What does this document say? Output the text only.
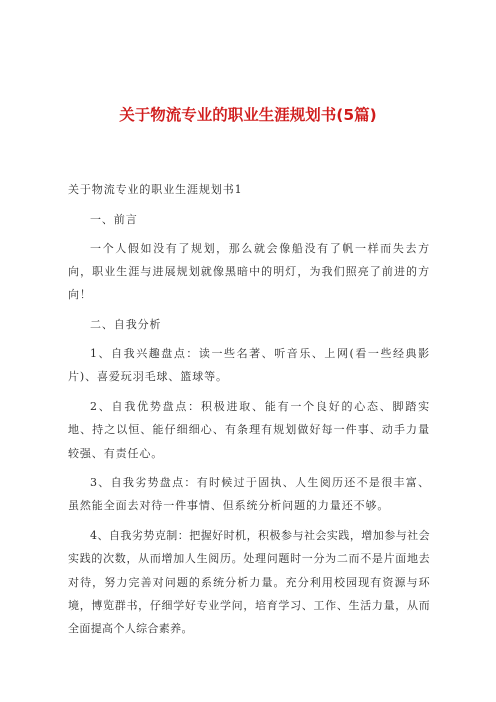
关于物流专业的职业生涯规划书(5篇)

关于物流专业的职业生涯规划书1

一、前言

一个人假如没有了规划，那么就会像船没有了帆一样而失去方向，职业生涯与进展规划就像黑暗中的明灯，为我们照亮了前进的方向！

二、自我分析

1、自我兴趣盘点：读一些名著、听音乐、上网(看一些经典影片)、喜爱玩羽毛球、篮球等。

2、自我优势盘点：积极进取、能有一个良好的心态、脚踏实地、持之以恒、能仔细细心、有条理有规划做好每一件事、动手力量较强、有责任心。

3、自我劣势盘点：有时候过于固执、人生阅历还不是很丰富、虽然能全面去对待一件事情、但系统分析问题的力量还不够。

4、自我劣势克制：把握好时机，积极参与社会实践，增加参与社会实践的次数，从而增加人生阅历。处理问题时一分为二而不是片面地去对待，努力完善对问题的系统分析力量。充分利用校园现有资源与环境，博览群书，仔细学好专业学问，培育学习、工作、生活力量，从而全面提高个人综合素养。
